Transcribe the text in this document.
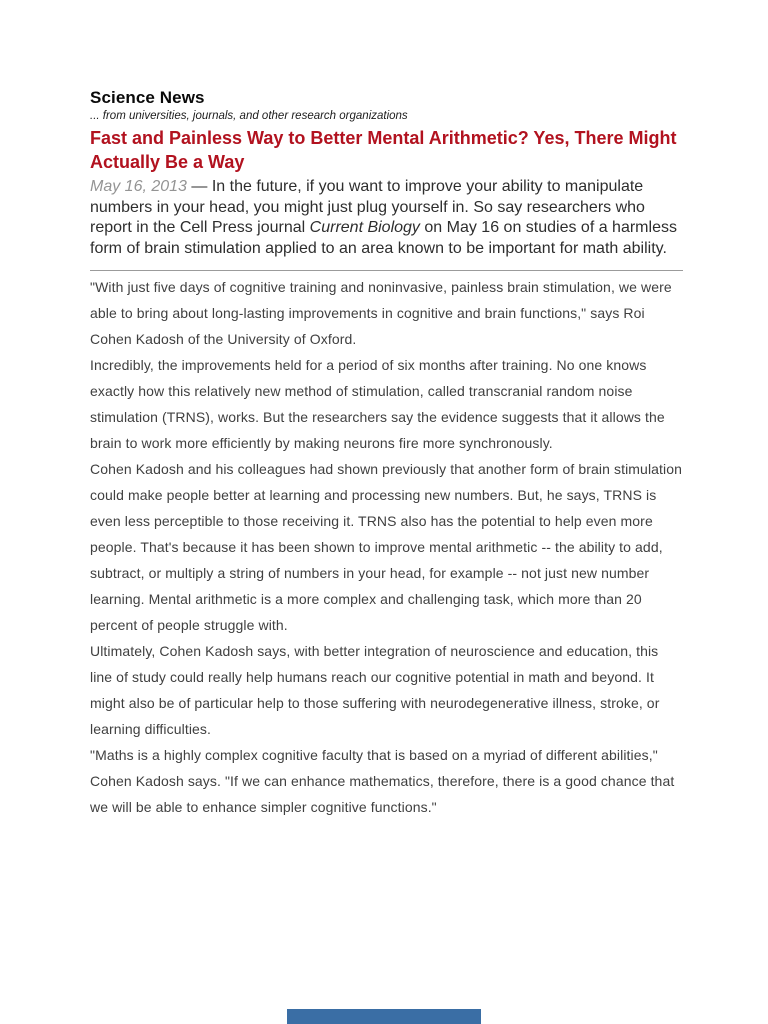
Science News
... from universities, journals, and other research organizations
Fast and Painless Way to Better Mental Arithmetic? Yes, There Might Actually Be a Way

May 16, 2013 — In the future, if you want to improve your ability to manipulate numbers in your head, you might just plug yourself in. So say researchers who report in the Cell Press journal Current Biology on May 16 on studies of a harmless form of brain stimulation applied to an area known to be important for math ability.

"With just five days of cognitive training and noninvasive, painless brain stimulation, we were able to bring about long-lasting improvements in cognitive and brain functions," says Roi Cohen Kadosh of the University of Oxford.

Incredibly, the improvements held for a period of six months after training. No one knows exactly how this relatively new method of stimulation, called transcranial random noise stimulation (TRNS), works. But the researchers say the evidence suggests that it allows the brain to work more efficiently by making neurons fire more synchronously.

Cohen Kadosh and his colleagues had shown previously that another form of brain stimulation could make people better at learning and processing new numbers. But, he says, TRNS is even less perceptible to those receiving it. TRNS also has the potential to help even more people. That's because it has been shown to improve mental arithmetic -- the ability to add, subtract, or multiply a string of numbers in your head, for example -- not just new number learning. Mental arithmetic is a more complex and challenging task, which more than 20 percent of people struggle with.

Ultimately, Cohen Kadosh says, with better integration of neuroscience and education, this line of study could really help humans reach our cognitive potential in math and beyond. It might also be of particular help to those suffering with neurodegenerative illness, stroke, or learning difficulties.

"Maths is a highly complex cognitive faculty that is based on a myriad of different abilities," Cohen Kadosh says. "If we can enhance mathematics, therefore, there is a good chance that we will be able to enhance simpler cognitive functions."
